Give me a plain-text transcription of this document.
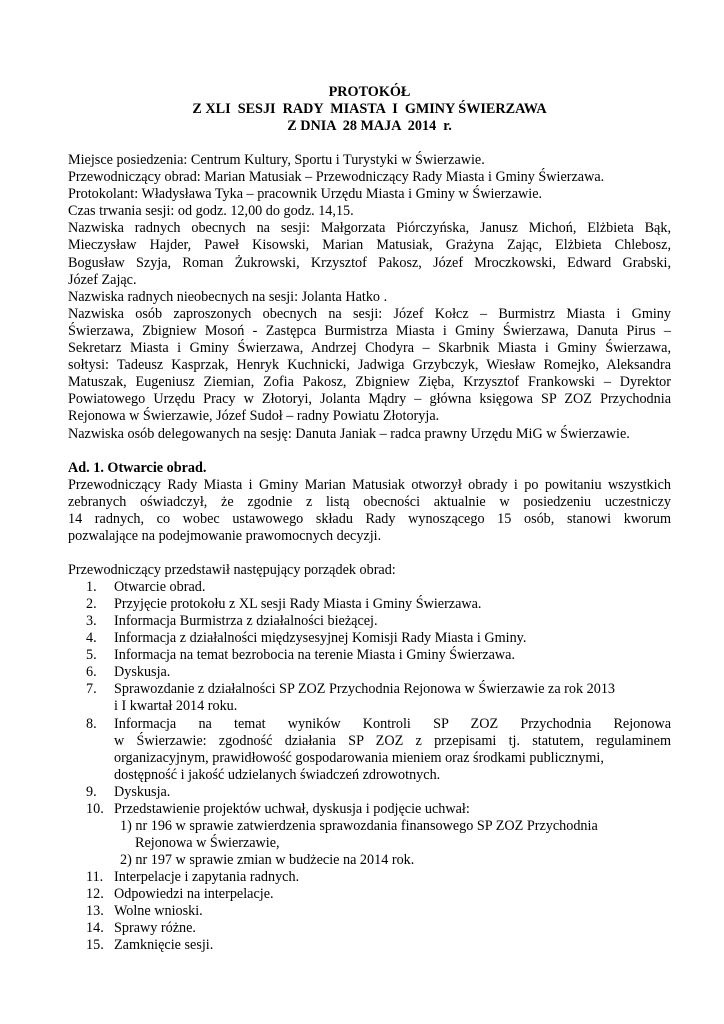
PROTOKÓŁ
Z XLI  SESJI  RADY  MIASTA  I  GMINY ŚWIERZAWA
Z DNIA  28 MAJA  2014  r.

Miejsce posiedzenia: Centrum Kultury, Sportu i Turystyki w Świerzawie.

Przewodniczący obrad: Marian Matusiak – Przewodniczący Rady Miasta i Gminy Świerzawa.

Protokolant: Władysława Tyka – pracownik Urzędu Miasta i Gminy w Świerzawie.

Czas trwania sesji: od godz. 12,00 do godz. 14,15.

Nazwiska radnych obecnych na sesji: Małgorzata Piórczyńska, Janusz Michoń, Elżbieta Bąk,

Mieczysław Hajder, Paweł Kisowski, Marian Matusiak, Grażyna Zając, Elżbieta Chlebosz,

Bogusław Szyja, Roman Żukrowski, Krzysztof Pakosz, Józef Mroczkowski, Edward Grabski,

Józef Zając.

Nazwiska radnych nieobecnych na sesji: Jolanta Hatko .

Nazwiska osób zaproszonych obecnych na sesji: Józef Kołcz – Burmistrz Miasta i Gminy

Świerzawa, Zbigniew Mosoń - Zastępca Burmistrza Miasta i Gminy Świerzawa, Danuta Pirus –

Sekretarz Miasta i Gminy Świerzawa, Andrzej Chodyra – Skarbnik Miasta i Gminy Świerzawa,

sołtysi: Tadeusz Kasprzak, Henryk Kuchnicki, Jadwiga Grzybczyk, Wiesław Romejko, Aleksandra

Matuszak, Eugeniusz Ziemian, Zofia Pakosz, Zbigniew Zięba, Krzysztof Frankowski – Dyrektor

Powiatowego Urzędu Pracy w Złotoryi, Jolanta Mądry – główna księgowa SP ZOZ Przychodnia

Rejonowa w Świerzawie, Józef Sudoł – radny Powiatu Złotoryja.

Nazwiska osób delegowanych na sesję: Danuta Janiak – radca prawny Urzędu MiG w Świerzawie.

Ad. 1. Otwarcie obrad.

Przewodniczący Rady Miasta i Gminy Marian Matusiak otworzył obrady i po powitaniu wszystkich

zebranych oświadczył, że zgodnie z listą obecności aktualnie w posiedzeniu uczestniczy

14 radnych, co wobec ustawowego składu Rady wynoszącego 15 osób, stanowi kworum

pozwalające na podejmowanie prawomocnych decyzji.

Przewodniczący przedstawił następujący porządek obrad:

1. Otwarcie obrad.
2. Przyjęcie protokołu z XL sesji Rady Miasta i Gminy Świerzawa.
3. Informacja Burmistrza z działalności bieżącej.
4. Informacja z działalności międzysesyjnej Komisji Rady Miasta i Gminy.
5. Informacja na temat bezrobocia na terenie Miasta i Gminy Świerzawa.
6. Dyskusja.
7. Sprawozdanie z działalności SP ZOZ Przychodnia Rejonowa w Świerzawie za rok 2013
i I kwartał 2014 roku.
8. Informacja na temat wyników Kontroli SP ZOZ Przychodnia Rejonowa
w Świerzawie: zgodność działania SP ZOZ z przepisami tj. statutem, regulaminem
organizacyjnym, prawidłowość gospodarowania mieniem oraz środkami publicznymi,
dostępność i jakość udzielanych świadczeń zdrowotnych.
9. Dyskusja.
10. Przedstawienie projektów uchwał, dyskusja i podjęcie uchwał:
1) nr 196 w sprawie zatwierdzenia sprawozdania finansowego SP ZOZ Przychodnia
Rejonowa w Świerzawie,
2) nr 197 w sprawie zmian w budżecie na 2014 rok.
11. Interpelacje i zapytania radnych.
12. Odpowiedzi na interpelacje.
13. Wolne wnioski.
14. Sprawy różne.
15. Zamknięcie sesji.
